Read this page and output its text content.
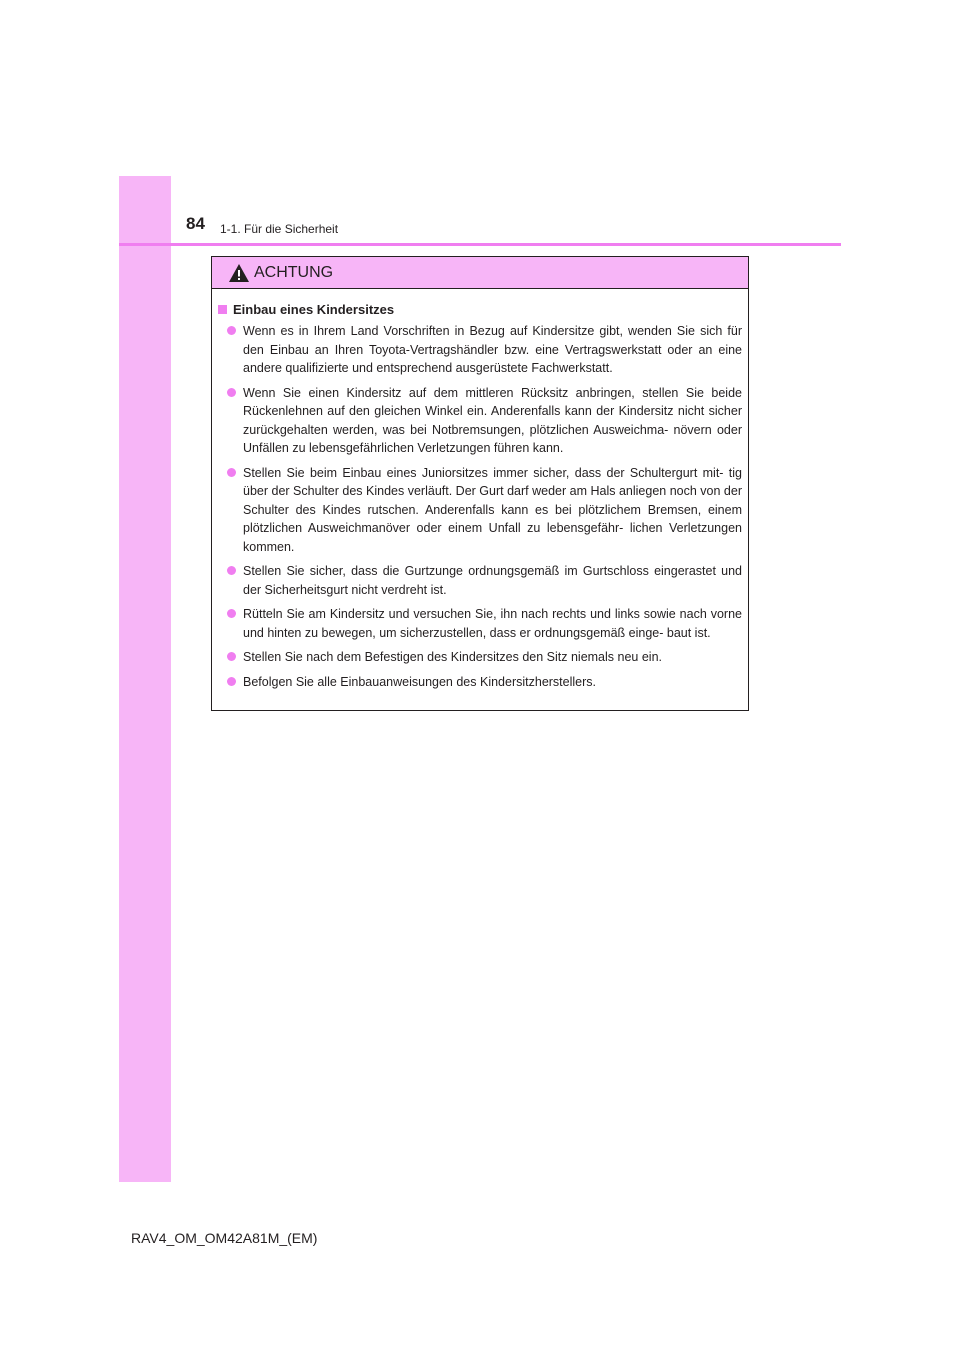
84 1-1. Für die Sicherheit
ACHTUNG
Einbau eines Kindersitzes
Wenn es in Ihrem Land Vorschriften in Bezug auf Kindersitze gibt, wenden Sie sich für den Einbau an Ihren Toyota-Vertragshändler bzw. eine Vertragswerkstatt oder an eine andere qualifizierte und entsprechend ausgerüstete Fachwerkstatt.
Wenn Sie einen Kindersitz auf dem mittleren Rücksitz anbringen, stellen Sie beide Rückenlehnen auf den gleichen Winkel ein. Anderenfalls kann der Kindersitz nicht sicher zurückgehalten werden, was bei Notbremsungen, plötzlichen Ausweichma- növern oder Unfällen zu lebensgefährlichen Verletzungen führen kann.
Stellen Sie beim Einbau eines Juniorsitzes immer sicher, dass der Schultergurt mit- tig über der Schulter des Kindes verläuft. Der Gurt darf weder am Hals anliegen noch von der Schulter des Kindes rutschen. Anderenfalls kann es bei plötzlichem Bremsen, einem plötzlichen Ausweichmanöver oder einem Unfall zu lebensgefähr- lichen Verletzungen kommen.
Stellen Sie sicher, dass die Gurtzunge ordnungsgemäß im Gurtschloss eingerastet und der Sicherheitsgurt nicht verdreht ist.
Rütteln Sie am Kindersitz und versuchen Sie, ihn nach rechts und links sowie nach vorne und hinten zu bewegen, um sicherzustellen, dass er ordnungsgemäß einge- baut ist.
Stellen Sie nach dem Befestigen des Kindersitzes den Sitz niemals neu ein.
Befolgen Sie alle Einbauanweisungen des Kindersitzherstellers.
RAV4_OM_OM42A81M_(EM)
